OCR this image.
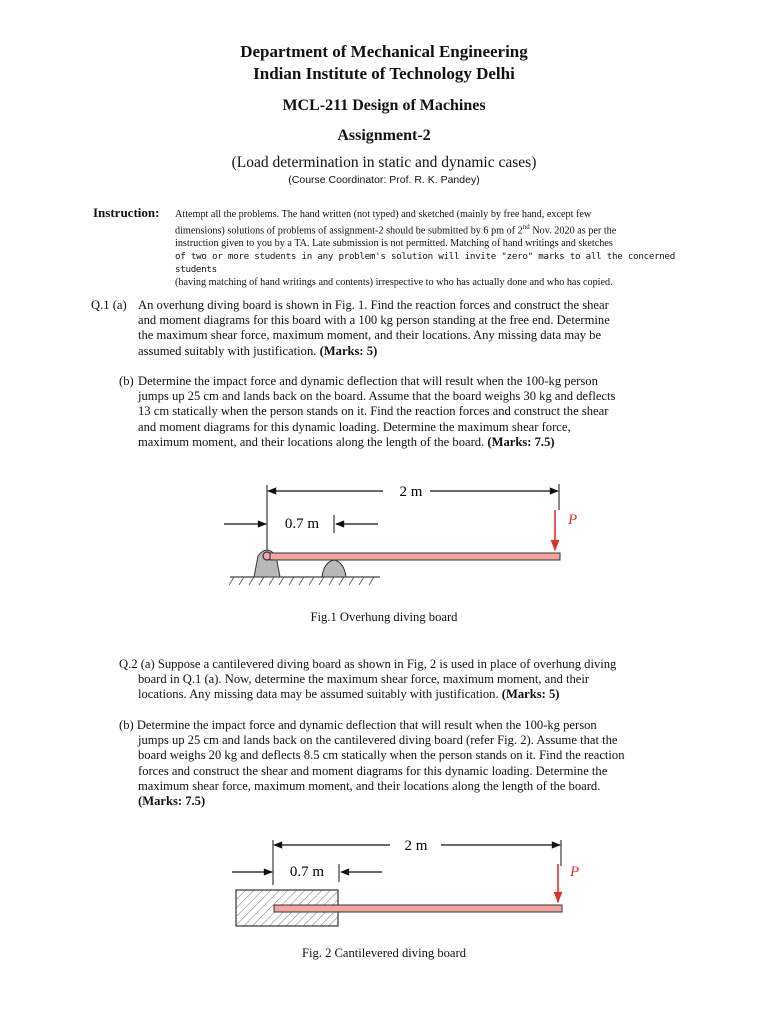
Department of Mechanical Engineering
Indian Institute of Technology Delhi
MCL-211 Design of Machines
Assignment-2
(Load determination in static and dynamic cases)
(Course Coordinator: Prof. R. K. Pandey)
Instruction: Attempt all the problems. The hand written (not typed) and sketched (mainly by free hand, except few
dimensions) solutions of problems of assignment-2 should be submitted by 6 pm of 2nd Nov. 2020 as per the
instruction given to you by a TA. Late submission is not permitted. Matching of hand writings and sketches
of two or more students in any problem's solution will invite "zero" marks to all the concerned students
(having matching of hand writings and contents) irrespective to who has actually done and who has copied.
Q.1 (a) An overhung diving board is shown in Fig. 1. Find the reaction forces and construct the shear
and moment diagrams for this board with a 100 kg person standing at the free end. Determine
the maximum shear force, maximum moment, and their locations. Any missing data may be
assumed suitably with justification. (Marks: 5)
(b) Determine the impact force and dynamic deflection that will result when the 100-kg person
jumps up 25 cm and lands back on the board. Assume that the board weighs 30 kg and deflects
13 cm statically when the person stands on it. Find the reaction forces and construct the shear
and moment diagrams for this dynamic loading. Determine the maximum shear force,
maximum moment, and their locations along the length of the board. (Marks: 7.5)
2 m
0.7 m	P
Fig.1 Overhung diving board
Q.2 (a) Suppose a cantilevered diving board as shown in Fig, 2 is used in place of overhung diving
board in Q.1 (a). Now, determine the maximum shear force, maximum moment, and their
locations. Any missing data may be assumed suitably with justification. (Marks: 5)
(b) Determine the impact force and dynamic deflection that will result when the 100-kg person
jumps up 25 cm and lands back on the cantilevered diving board (refer Fig. 2). Assume that the
board weighs 20 kg and deflects 8.5 cm statically when the person stands on it. Find the reaction
forces and construct the shear and moment diagrams for this dynamic loading. Determine the
maximum shear force, maximum moment, and their locations along the length of the board.
(Marks: 7.5)
2 m
0.7 m	P
Fig. 2 Cantilevered diving board
